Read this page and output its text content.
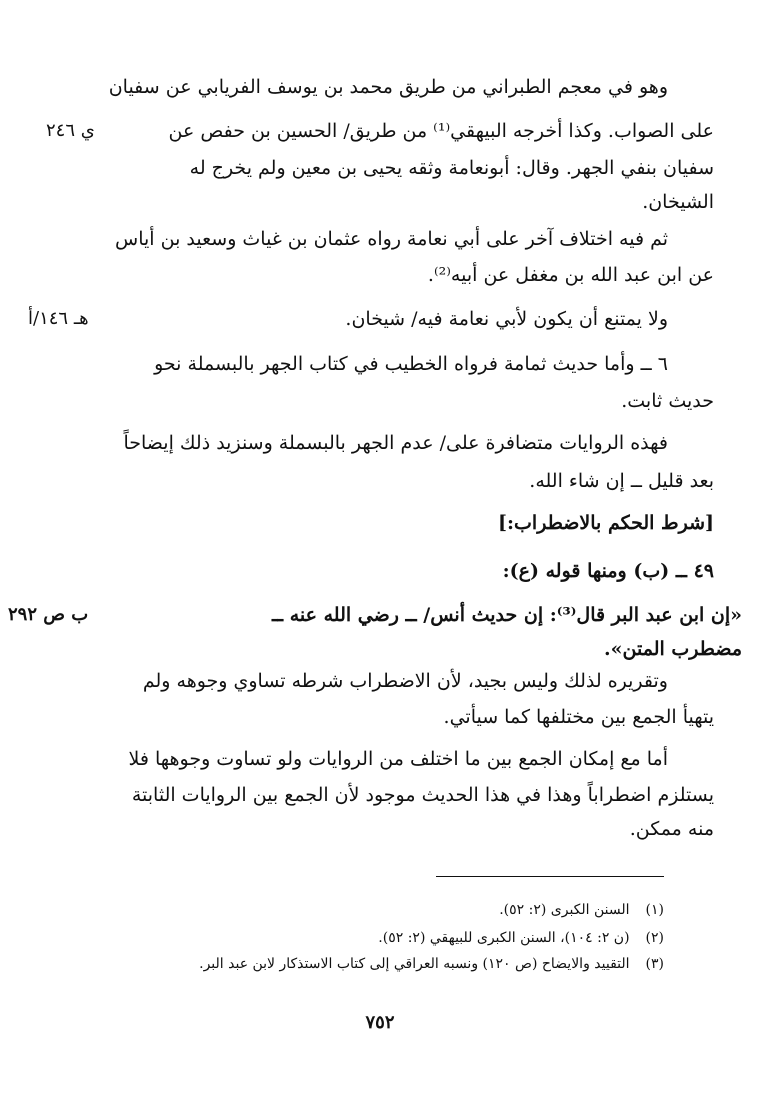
وهو في معجم الطبراني من طريق محمد بن يوسف الفريابي عن سفيان
على الصواب. وكذا أخرجه البيهقي⁽¹⁾ من طريق/ الحسين بن حفص عن
ي ٢٤٦
سفيان بنفي الجهر. وقال: أبونعامة وثقه يحيى بن معين ولم يخرج له
الشيخان.
ثم فيه اختلاف آخر على أبي نعامة رواه عثمان بن غياث وسعيد بن أياس
عن ابن عبد الله بن مغفل عن أبيه⁽²⁾.
ولا يمتنع أن يكون لأبي نعامة فيه/ شيخان.
هـ ١٤٦/أ
٦ ــ وأما حديث ثمامة فرواه الخطيب في كتاب الجهر بالبسملة نحو
حديث ثابت.
فهذه الروايات متضافرة على/ عدم الجهر بالبسملة وسنزيد ذلك إيضاحاً
بعد قليل ــ إن شاء الله.
[شرط الحكم بالاضطراب:]
٤٩ ــ (ب) ومنها قوله (ع):
«إن ابن عبد البر قال⁽³⁾: إن حديث أنس/ ــ رضي الله عنه ــ
ب ص ٢٩٢
مضطرب المتن».
وتقريره لذلك وليس بجيد، لأن الاضطراب شرطه تساوي وجوهه ولم
يتهيأ الجمع بين مختلفها كما سيأتي.
أما مع إمكان الجمع بين ما اختلف من الروايات ولو تساوت وجوهها فلا
يستلزم اضطراباً وهذا في هذا الحديث موجود لأن الجمع بين الروايات الثابتة
منه ممكن.
(١) السنن الكبرى (٢: ٥٢).
(٢) (ن ٢: ١٠٤)، السنن الكبرى للبيهقي (٢: ٥٢).
(٣) التقييد والايضاح (ص ١٢٠) ونسبه العراقي إلى كتاب الاستذكار لابن عبد البر.
٧٥٢
